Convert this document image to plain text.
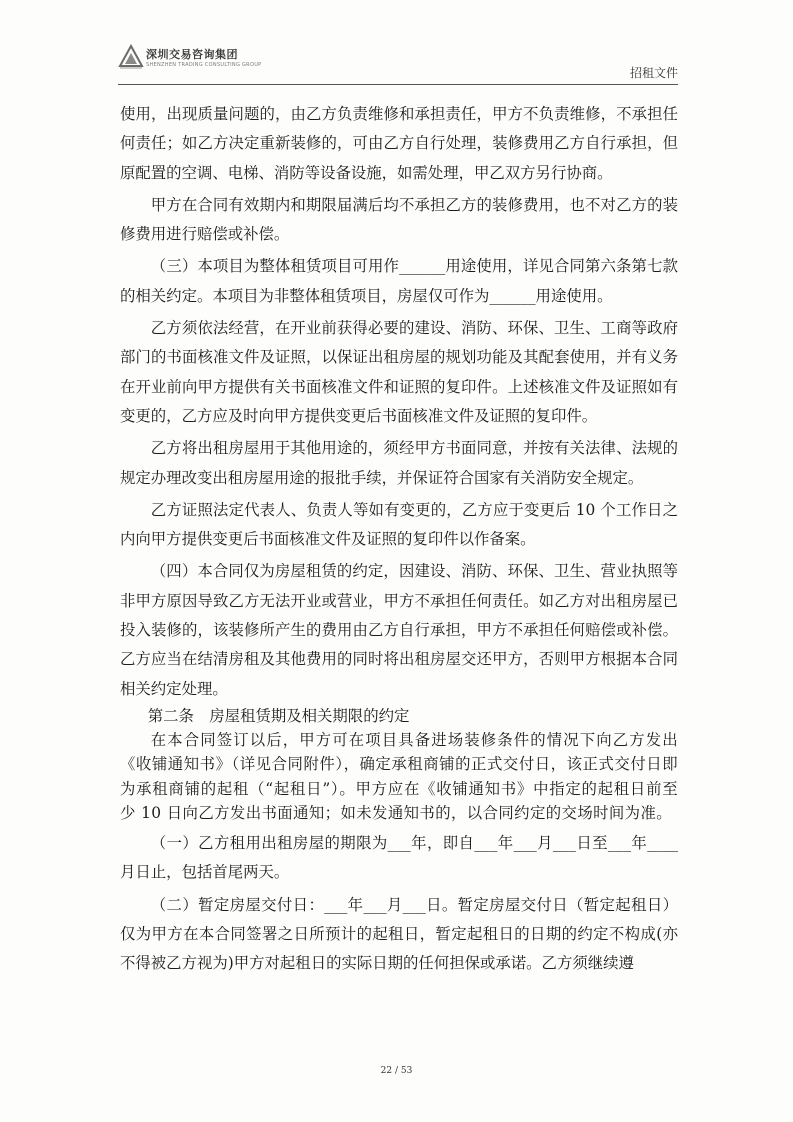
深圳交易咨询集团
SHENZHEN TRADING CONSULTING GROUP
招租文件

使用，出现质量问题的，由乙方负责维修和承担责任，甲方不负责维修，不承担任何责任；如乙方决定重新装修的，可由乙方自行处理，装修费用乙方自行承担，但原配置的空调、电梯、消防等设备设施，如需处理，甲乙双方另行协商。

甲方在合同有效期内和期限届满后均不承担乙方的装修费用，也不对乙方的装修费用进行赔偿或补偿。

（三）本项目为整体租赁项目可用作______用途使用，详见合同第六条第七款的相关约定。本项目为非整体租赁项目，房屋仅可作为______用途使用。

乙方须依法经营，在开业前获得必要的建设、消防、环保、卫生、工商等政府部门的书面核准文件及证照，以保证出租房屋的规划功能及其配套使用，并有义务在开业前向甲方提供有关书面核准文件和证照的复印件。上述核准文件及证照如有变更的，乙方应及时向甲方提供变更后书面核准文件及证照的复印件。

乙方将出租房屋用于其他用途的，须经甲方书面同意，并按有关法律、法规的规定办理改变出租房屋用途的报批手续，并保证符合国家有关消防安全规定。

乙方证照法定代表人、负责人等如有变更的，乙方应于变更后 10 个工作日之内向甲方提供变更后书面核准文件及证照的复印件以作备案。

（四）本合同仅为房屋租赁的约定，因建设、消防、环保、卫生、营业执照等非甲方原因导致乙方无法开业或营业，甲方不承担任何责任。如乙方对出租房屋已投入装修的，该装修所产生的费用由乙方自行承担，甲方不承担任何赔偿或补偿。乙方应当在结清房租及其他费用的同时将出租房屋交还甲方，否则甲方根据本合同相关约定处理。

第二条　房屋租赁期及相关期限的约定

在本合同签订以后，甲方可在项目具备进场装修条件的情况下向乙方发出《收铺通知书》（详见合同附件），确定承租商铺的正式交付日，该正式交付日即为承租商铺的起租（“起租日”）。甲方应在《收铺通知书》中指定的起租日前至少 10 日向乙方发出书面通知；如未发通知书的，以合同约定的交场时间为准。

（一）乙方租用出租房屋的期限为___年，即自___年___月___日至___年____月日止，包括首尾两天。

（二）暂定房屋交付日：___年___月___日。暂定房屋交付日（暂定起租日）仅为甲方在本合同签署之日所预计的起租日，暂定起租日的日期的约定不构成(亦不得被乙方视为)甲方对起租日的实际日期的任何担保或承诺。乙方须继续遵

22 / 53
